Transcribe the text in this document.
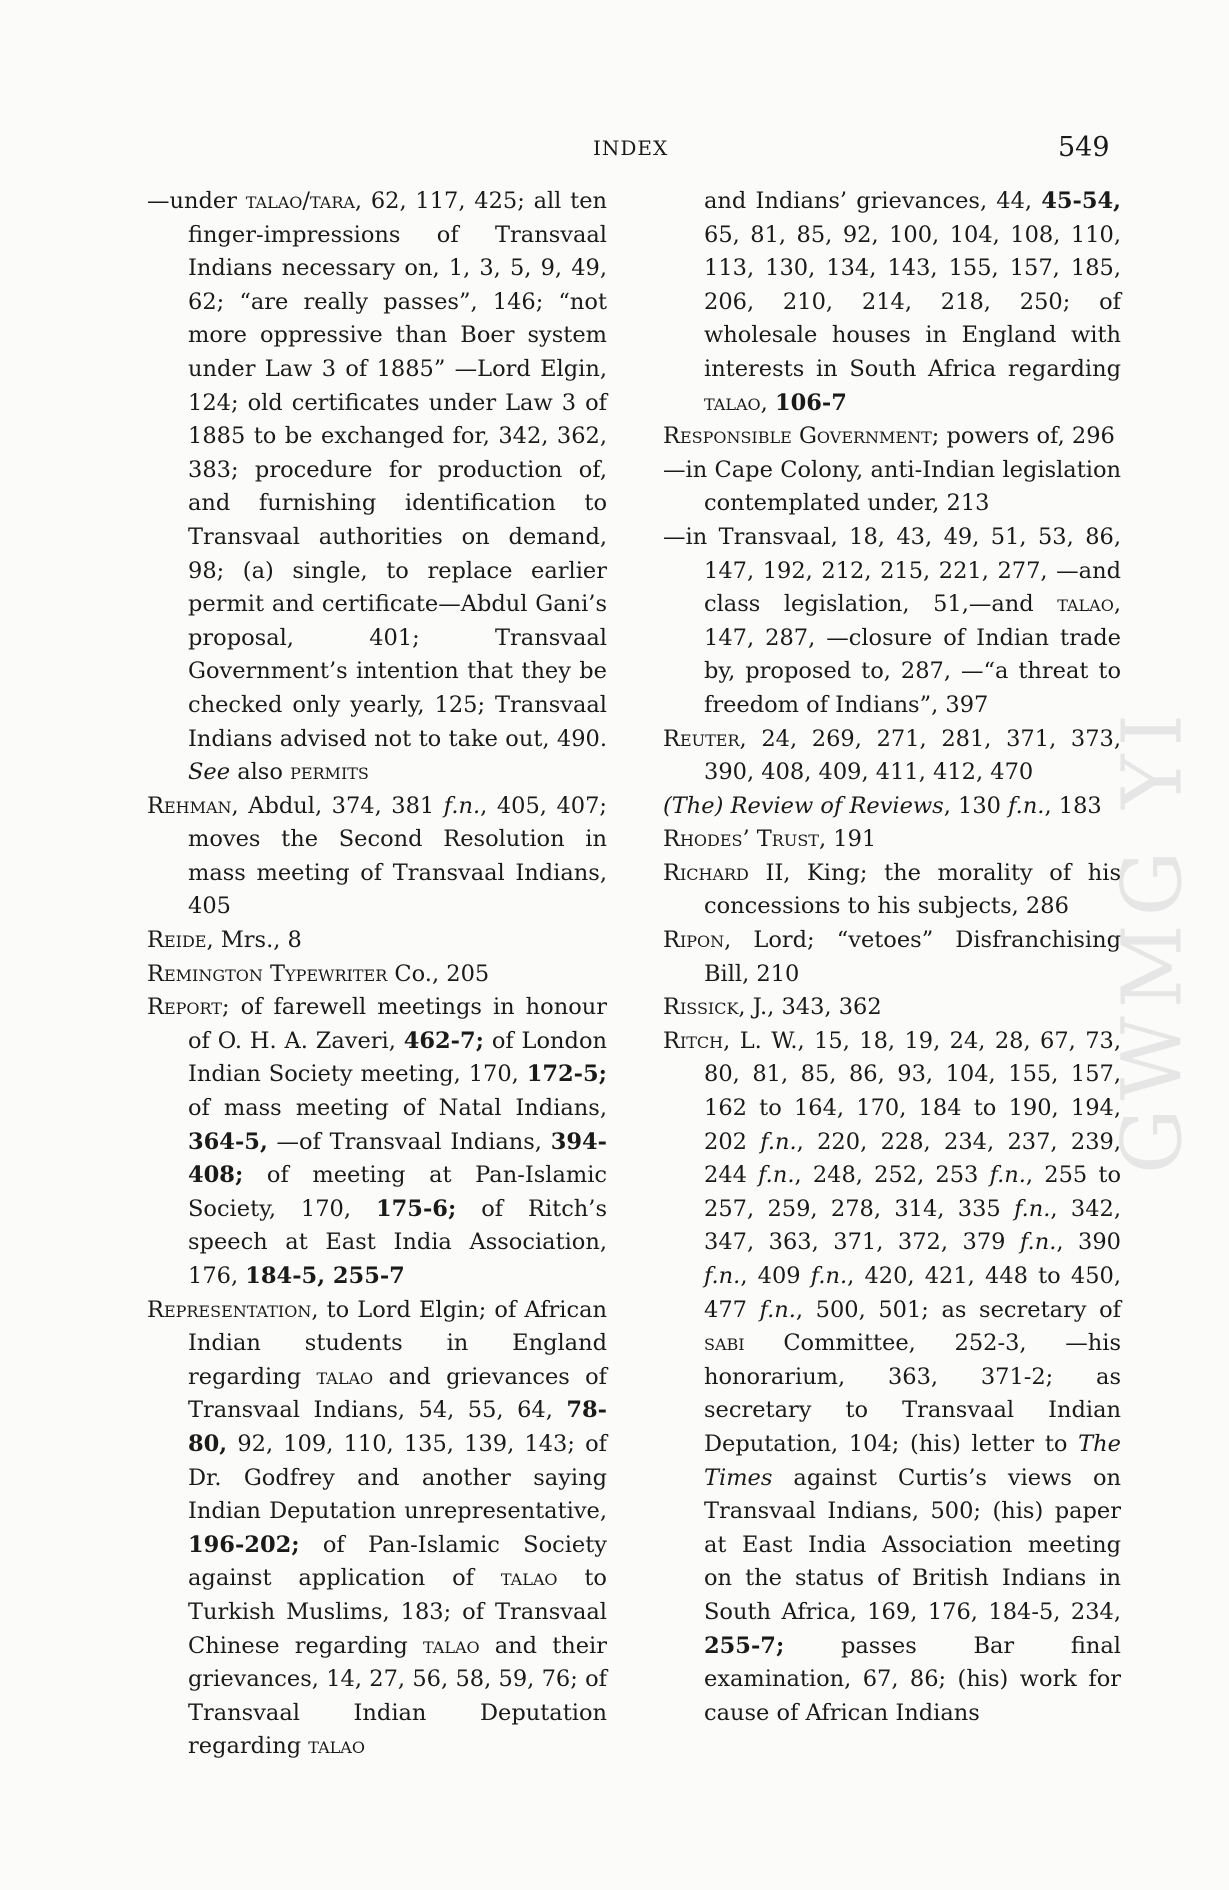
INDEX	549
GWMG YI

—under talao/tara, 62, 117, 425; all ten finger-impressions of Transvaal Indians necessary on, 1, 3, 5, 9, 49, 62; “are really passes”, 146; “not more oppressive than Boer system under Law 3 of 1885” —Lord Elgin, 124; old certificates under Law 3 of 1885 to be exchanged for, 342, 362, 383; procedure for production of, and furnishing identification to Transvaal authorities on demand, 98; (a) single, to replace earlier permit and certificate—Abdul Gani’s proposal, 401; Transvaal Government’s intention that they be checked only yearly, 125; Transvaal Indians advised not to take out, 490. See also permits

Rehman, Abdul, 374, 381 f.n., 405, 407; moves the Second Resolution in mass meeting of Transvaal Indians, 405

Reide, Mrs., 8

Remington Typewriter Co., 205

Report; of farewell meetings in honour of O. H. A. Zaveri, 462-7; of London Indian Society meeting, 170, 172-5; of mass meeting of Natal Indians, 364-5, —of Transvaal Indians, 394-408; of meeting at Pan-Islamic Society, 170, 175-6; of Ritch’s speech at East India Association, 176, 184-5, 255-7

Representation, to Lord Elgin; of African Indian students in England regarding talao and grievances of Transvaal Indians, 54, 55, 64, 78-80, 92, 109, 110, 135, 139, 143; of Dr. Godfrey and another saying Indian Deputation unrepresentative, 196-202; of Pan-Islamic Society against application of talao to Turkish Muslims, 183; of Transvaal Chinese regarding talao and their grievances, 14, 27, 56, 58, 59, 76; of Transvaal Indian Deputation regarding talao

and Indians’ grievances, 44, 45-54, 65, 81, 85, 92, 100, 104, 108, 110, 113, 130, 134, 143, 155, 157, 185, 206, 210, 214, 218, 250; of wholesale houses in England with interests in South Africa regarding talao, 106-7

Responsible Government; powers of, 296

—in Cape Colony, anti-Indian legislation contemplated under, 213

—in Transvaal, 18, 43, 49, 51, 53, 86, 147, 192, 212, 215, 221, 277, —and class legislation, 51,—and talao, 147, 287, —closure of Indian trade by, proposed to, 287, —“a threat to freedom of Indians”, 397

Reuter, 24, 269, 271, 281, 371, 373, 390, 408, 409, 411, 412, 470

(The) Review of Reviews, 130 f.n., 183

Rhodes’ Trust, 191

Richard II, King; the morality of his concessions to his subjects, 286

Ripon, Lord; “vetoes” Disfranchising Bill, 210

Rissick, J., 343, 362

Ritch, L. W., 15, 18, 19, 24, 28, 67, 73, 80, 81, 85, 86, 93, 104, 155, 157, 162 to 164, 170, 184 to 190, 194, 202 f.n., 220, 228, 234, 237, 239, 244 f.n., 248, 252, 253 f.n., 255 to 257, 259, 278, 314, 335 f.n., 342, 347, 363, 371, 372, 379 f.n., 390 f.n., 409 f.n., 420, 421, 448 to 450, 477 f.n., 500, 501; as secretary of sabi Committee, 252-3, —his honorarium, 363, 371-2; as secretary to Transvaal Indian Deputation, 104; (his) letter to The Times against Curtis’s views on Transvaal Indians, 500; (his) paper at East India Association meeting on the status of British Indians in South Africa, 169, 176, 184-5, 234, 255-7; passes Bar final examination, 67, 86; (his) work for cause of African Indians
